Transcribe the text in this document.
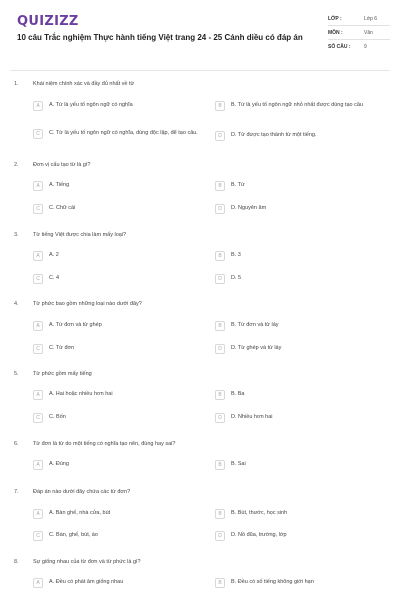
QUIZIZZ
10 câu Trắc nghiệm Thực hành tiếng Việt trang 24 - 25 Cánh diều có đáp án
LỚP :	Lớp 6
MÔN :	Văn
SỐ CÂU :	9
1.	Khái niệm chính xác và đầy đủ nhất về từ
A	A. Từ là yếu tố ngôn ngữ có nghĩa	B	B. Từ là yếu tố ngôn ngữ nhỏ nhất được dùng tạo câu
C	C. Từ là yếu tố ngôn ngữ có nghĩa, dùng độc lập, để tạo câu.	D	D. Từ được tạo thành từ một tiếng.
2.	Đơn vị cấu tạo từ là gì?
A	A. Tiếng	B	B. Từ
C	C. Chữ cái	D	D. Nguyên âm
3.	Từ tiếng Việt được chia làm mấy loại?
A	A. 2	B	B. 3
C	C. 4	D	D. 5
4.	Từ phức bao gồm những loại nào dưới đây?
A	A. Từ đơn và từ ghép	B	B. Từ đơn và từ láy
C	C. Từ đơn	D	D. Từ ghép và từ láy
5.	Từ phức gồm mấy tiếng
A	A. Hai hoặc nhiều hơn hai	B	B. Ba
C	C. Bốn	D	D. Nhiều hơn hai
6.	Từ đơn là từ do một tiếng có nghĩa tạo nên, đúng hay sai?
A	A. Đúng	B	B. Sai
7.	Đáp án nào dưới đây chứa các từ đơn?
A	A. Bàn ghế, nhà cửa, bút	B	B. Bút, thước, học sinh
C	C. Bàn, ghế, bút, áo	D	D. Nồ đũa, trường, lớp
8.	Sự giống nhau của từ đơn và từ phức là gì?
A	A. Đều có phát âm giống nhau	B	B. Đều có số tiếng không giới hạn
